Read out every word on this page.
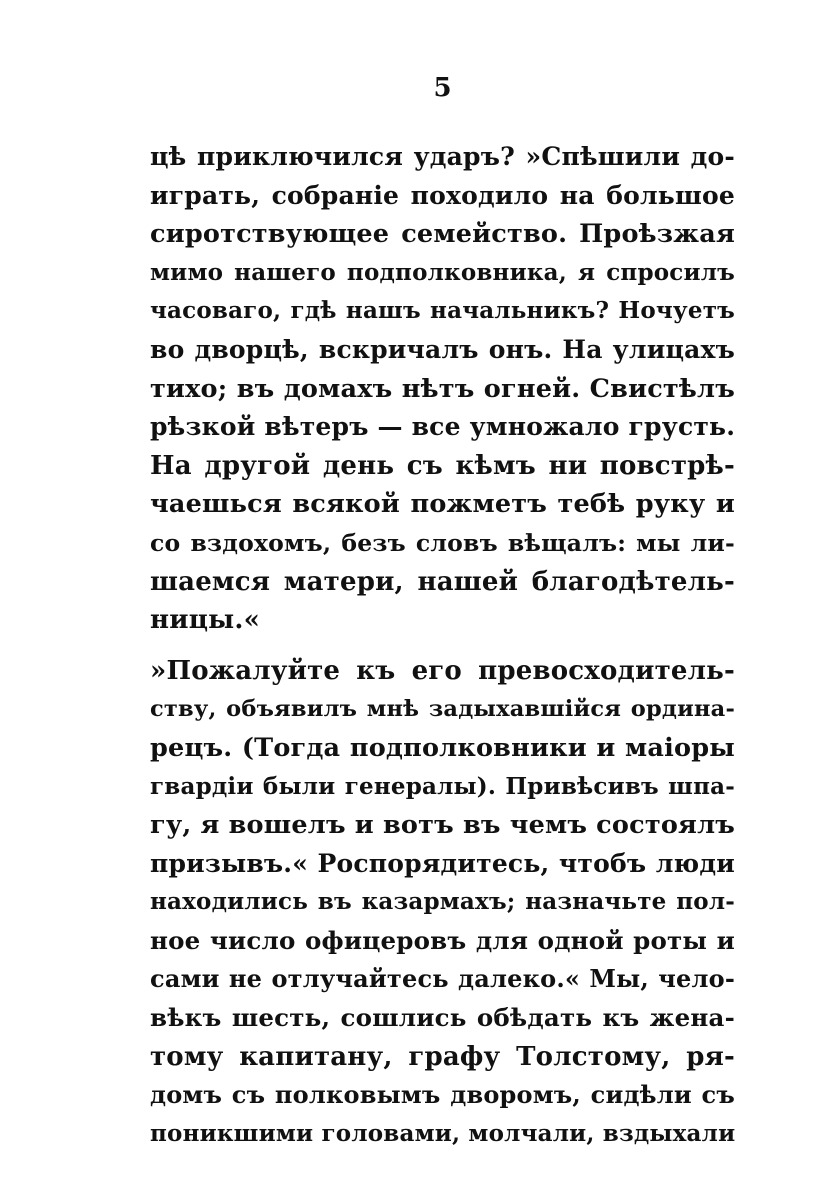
5
цѣ приключился ударъ? »Спѣшили до-
играть, собраніе походило на большое
сиротствующее семейство. Проѣзжая
мимо нашего подполковника, я спросилъ
часоваго, гдѣ нашъ начальникъ? Ночуетъ
во дворцѣ, вскричалъ онъ. На улицахъ
тихо; въ домахъ нѣтъ огней. Свистѣлъ
рѣзкой вѣтеръ — все умножало грусть.
На другой день съ кѣмъ ни повстрѣ-
чаешься всякой пожметъ тебѣ руку и
со вздохомъ, безъ словъ вѣщалъ: мы ли-
шаемся матери, нашей благодѣтель-
ницы.«
»Пожалуйте къ его превосходитель-
ству, объявилъ мнѣ задыхавшійся ордина-
рецъ. (Тогда подполковники и маіоры
гвардіи были генералы). Привѣсивъ шпа-
гу, я вошелъ и вотъ въ чемъ состоялъ
призывъ.« Роспорядитесь, чтобъ люди
находились въ казармахъ; назначьте пол-
ное число офицеровъ для одной роты и
сами не отлучайтесь далеко.« Мы, чело-
вѣкъ шесть, сошлись обѣдать къ жена-
тому капитану, графу Толстому, ря-
домъ съ полковымъ дворомъ, сидѣли съ
поникшими головами, молчали, вздыхали
